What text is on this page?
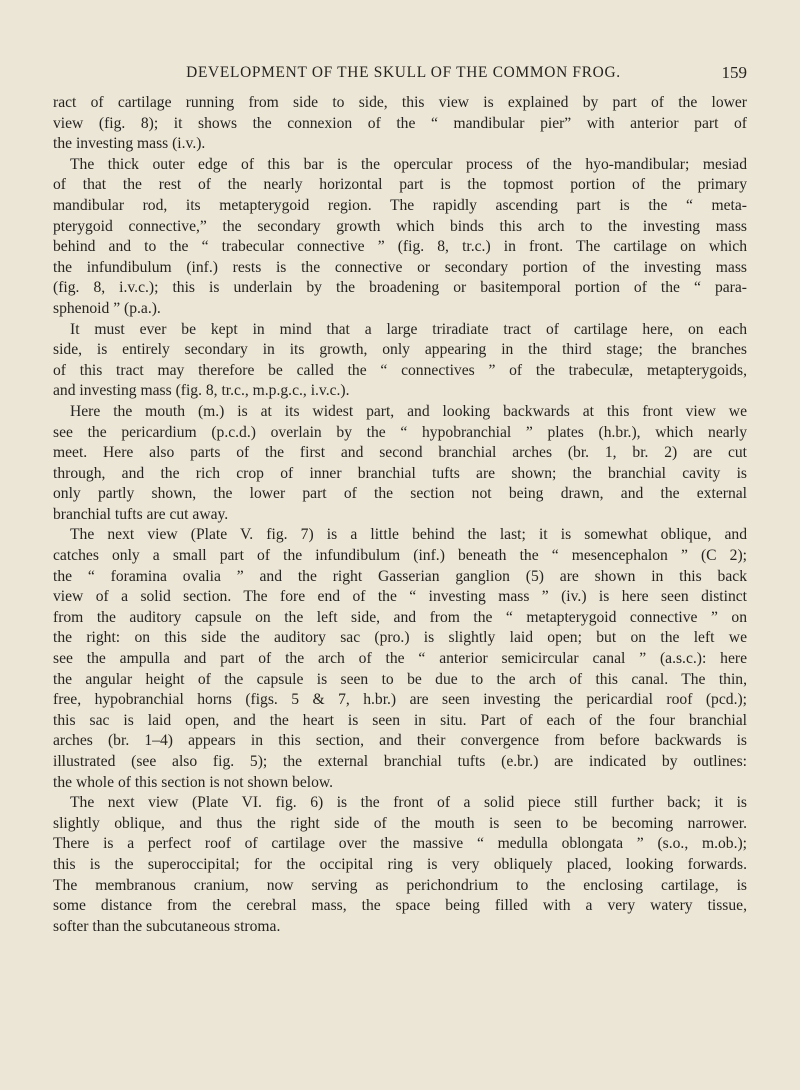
DEVELOPMENT OF THE SKULL OF THE COMMON FROG.	159
ract of cartilage running from side to side, this view is explained by part of the lower
view (fig. 8); it shows the connexion of the “ mandibular pier” with anterior part of
the investing mass (i.v.).
The thick outer edge of this bar is the opercular process of the hyo-mandibular; mesiad
of that the rest of the nearly horizontal part is the topmost portion of the primary
mandibular rod, its metapterygoid region. The rapidly ascending part is the “ meta-
pterygoid connective,” the secondary growth which binds this arch to the investing mass
behind and to the “ trabecular connective ” (fig. 8, tr.c.) in front. The cartilage on which
the infundibulum (inf.) rests is the connective or secondary portion of the investing mass
(fig. 8, i.v.c.); this is underlain by the broadening or basitemporal portion of the “ para-
sphenoid ” (p.a.).
It must ever be kept in mind that a large triradiate tract of cartilage here, on each
side, is entirely secondary in its growth, only appearing in the third stage; the branches
of this tract may therefore be called the “ connectives ” of the trabeculæ, metapterygoids,
and investing mass (fig. 8, tr.c., m.p.g.c., i.v.c.).
Here the mouth (m.) is at its widest part, and looking backwards at this front view we
see the pericardium (p.c.d.) overlain by the “ hypobranchial ” plates (h.br.), which nearly
meet. Here also parts of the first and second branchial arches (br. 1, br. 2) are cut
through, and the rich crop of inner branchial tufts are shown; the branchial cavity is
only partly shown, the lower part of the section not being drawn, and the external
branchial tufts are cut away.
The next view (Plate V. fig. 7) is a little behind the last; it is somewhat oblique, and
catches only a small part of the infundibulum (inf.) beneath the “ mesencephalon ” (C 2);
the “ foramina ovalia ” and the right Gasserian ganglion (5) are shown in this back
view of a solid section. The fore end of the “ investing mass ” (iv.) is here seen distinct
from the auditory capsule on the left side, and from the “ metapterygoid connective ” on
the right: on this side the auditory sac (pro.) is slightly laid open; but on the left we
see the ampulla and part of the arch of the “ anterior semicircular canal ” (a.s.c.): here
the angular height of the capsule is seen to be due to the arch of this canal. The thin,
free, hypobranchial horns (figs. 5 & 7, h.br.) are seen investing the pericardial roof (pcd.);
this sac is laid open, and the heart is seen in situ. Part of each of the four branchial
arches (br. 1–4) appears in this section, and their convergence from before backwards is
illustrated (see also fig. 5); the external branchial tufts (e.br.) are indicated by outlines:
the whole of this section is not shown below.
The next view (Plate VI. fig. 6) is the front of a solid piece still further back; it is
slightly oblique, and thus the right side of the mouth is seen to be becoming narrower.
There is a perfect roof of cartilage over the massive “ medulla oblongata ” (s.o., m.ob.);
this is the superoccipital; for the occipital ring is very obliquely placed, looking forwards.
The membranous cranium, now serving as perichondrium to the enclosing cartilage, is
some distance from the cerebral mass, the space being filled with a very watery tissue,
softer than the subcutaneous stroma.
